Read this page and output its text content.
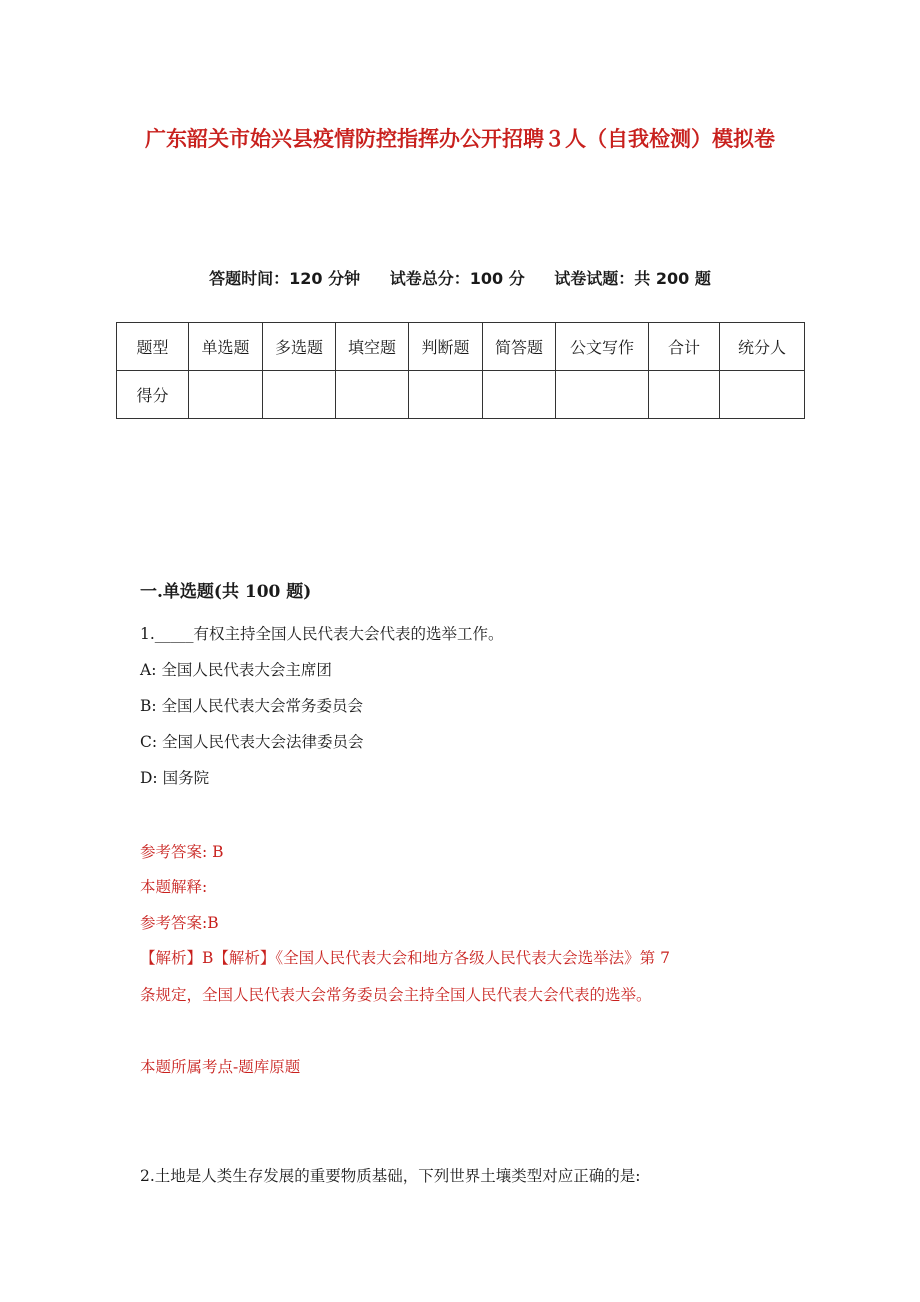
广东韶关市始兴县疫情防控指挥办公开招聘３人（自我检测）模拟卷
答题时间：120 分钟 试卷总分：100 分 试卷试题：共 200 题
题型	单选题	多选题	填空题	判断题	简答题	公文写作	合计	统分人
得分								
一.单选题(共 100 题)
1._____有权主持全国人民代表大会代表的选举工作。
A: 全国人民代表大会主席团
B: 全国人民代表大会常务委员会
C: 全国人民代表大会法律委员会
D: 国务院
参考答案: B
本题解释:
参考答案:B
【解析】B【解析】《全国人民代表大会和地方各级人民代表大会选举法》第 7
条规定，全国人民代表大会常务委员会主持全国人民代表大会代表的选举。
本题所属考点-题库原题
2.土地是人类生存发展的重要物质基础，下列世界土壤类型对应正确的是:
